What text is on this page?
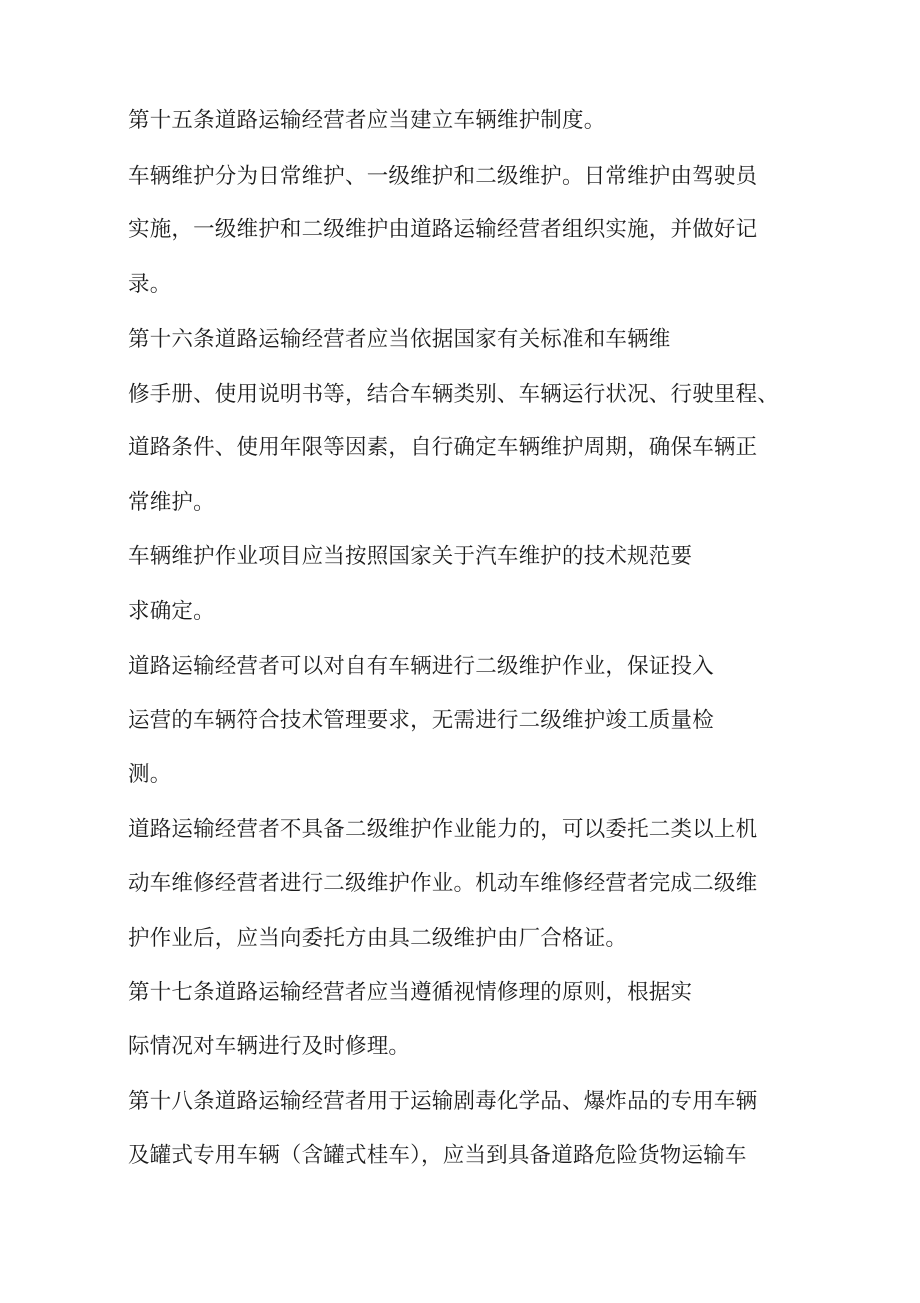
第十五条道路运输经营者应当建立车辆维护制度。

车辆维护分为日常维护、一级维护和二级维护。日常维护由驾驶员

实施，一级维护和二级维护由道路运输经营者组织实施，并做好记

录。

第十六条道路运输经营者应当依据国家有关标准和车辆维

修手册、使用说明书等，结合车辆类别、车辆运行状况、行驶里程、

道路条件、使用年限等因素，自行确定车辆维护周期，确保车辆正

常维护。

车辆维护作业项目应当按照国家关于汽车维护的技术规范要

求确定。

道路运输经营者可以对自有车辆进行二级维护作业，保证投入

运营的车辆符合技术管理要求，无需进行二级维护竣工质量检

测。

道路运输经营者不具备二级维护作业能力的，可以委托二类以上机

动车维修经营者进行二级维护作业。机动车维修经营者完成二级维

护作业后，应当向委托方由具二级维护由厂合格证。

第十七条道路运输经营者应当遵循视情修理的原则，根据实

际情况对车辆进行及时修理。

第十八条道路运输经营者用于运输剧毒化学品、爆炸品的专用车辆

及罐式专用车辆（含罐式桂车），应当到具备道路危险货物运输车
